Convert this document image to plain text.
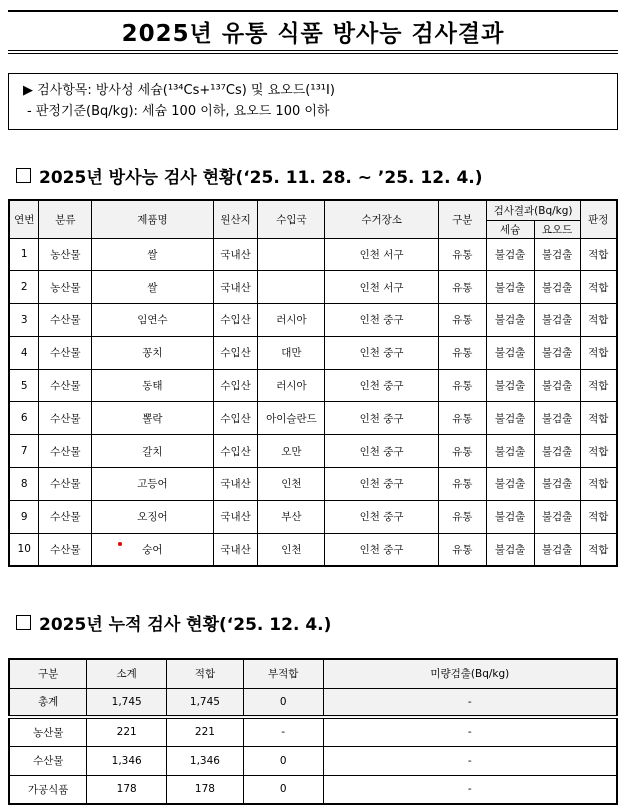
2025년 유통 식품 방사능 검사결과
▶ 검사항목: 방사성 세슘(¹³⁴Cs+¹³⁷Cs) 및 요오드(¹³¹I)
- 판정기준(Bq/kg): 세슘 100 이하, 요오드 100 이하
2025년 방사능 검사 현황(‘25. 11. 28. ~ ’25. 12. 4.)
연번	분류	제품명	원산지	수입국	수거장소	구분	검사결과(Bq/kg)		판정
							세슘	요오드	
1	농산물	쌀	국내산		인천 서구	유통	불검출	불검출	적합
2	농산물	쌀	국내산		인천 서구	유통	불검출	불검출	적합
3	수산물	임연수	수입산	러시아	인천 중구	유통	불검출	불검출	적합
4	수산물	꽁치	수입산	대만	인천 중구	유통	불검출	불검출	적합
5	수산물	동태	수입산	러시아	인천 중구	유통	불검출	불검출	적합
6	수산물	뽈락	수입산	아이슬란드	인천 중구	유통	불검출	불검출	적합
7	수산물	갈치	수입산	오만	인천 중구	유통	불검출	불검출	적합
8	수산물	고등어	국내산	인천	인천 중구	유통	불검출	불검출	적합
9	수산물	오징어	국내산	부산	인천 중구	유통	불검출	불검출	적합
10	수산물	숭어	국내산	인천	인천 중구	유통	불검출	불검출	적합
2025년 누적 검사 현황(‘25. 12. 4.)
구분	소계	적합	부적합	미량검출(Bq/kg)
총계	1,745	1,745	0	-
농산물	221	221	-	-
수산물	1,346	1,346	0	-
가공식품	178	178	0	-
